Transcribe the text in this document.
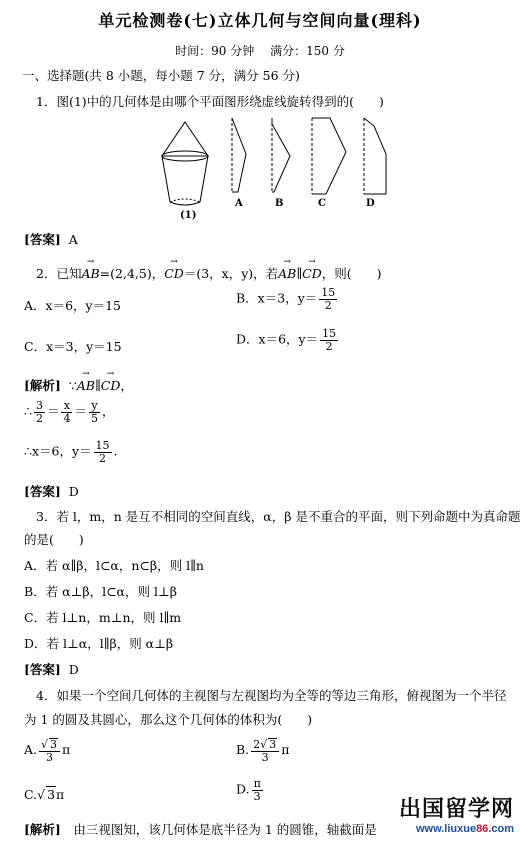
单元检测卷(七)立体几何与空间向量(理科)
时间：90 分钟 满分：150 分
一、选择题(共 8 小题，每小题 7 分，满分 56 分)
1．图(1)中的几何体是由哪个平面图形绕虚线旋转得到的(　　)
(1)
A	B	C	D
[答案] A
2．已知→ AB=(2,4,5)，→ CD＝(3，x，y)，若→ AB∥→ CD，则(　　)
A．x＝6，y＝15	B．x＝3，$y= \frac{15}{2}$
C．x＝3，y＝15	D．x＝6，$y= \frac{15}{2}$
[解析] ∵→ AB∥→ CD，
∴ $\frac{3}{2} = \frac{x}{4} = \frac{y}{5}$ ，
∴x＝6，$y= \frac{15}{2}$ .
[答案] D
3．若 l，m，n 是互不相同的空间直线，α，β 是不重合的平面，则下列命题中为真命题
的是(　　)
A．若 α∥β，l⊂α，n⊂β，则 l∥n
B．若 α⊥β，l⊂α，则 l⊥β
C．若 l⊥n，m⊥n，则 l∥m
D．若 l⊥α，l∥β，则 α⊥β
[答案] D
4．如果一个空间几何体的主视图与左视图均为全等的等边三角形，俯视图为一个半径
为 1 的圆及其圆心，那么这个几何体的体积为(　　)
A. $\frac{√ 3}{3}$ π	B. $\frac{2√ 3}{3}$ π
C.√ 3π	D. $\frac{\pi}{3}$
[解析]　由三视图知，该几何体是底半径为 1 的圆锥，轴截面是
出国留学网
www.liuxue86.com
